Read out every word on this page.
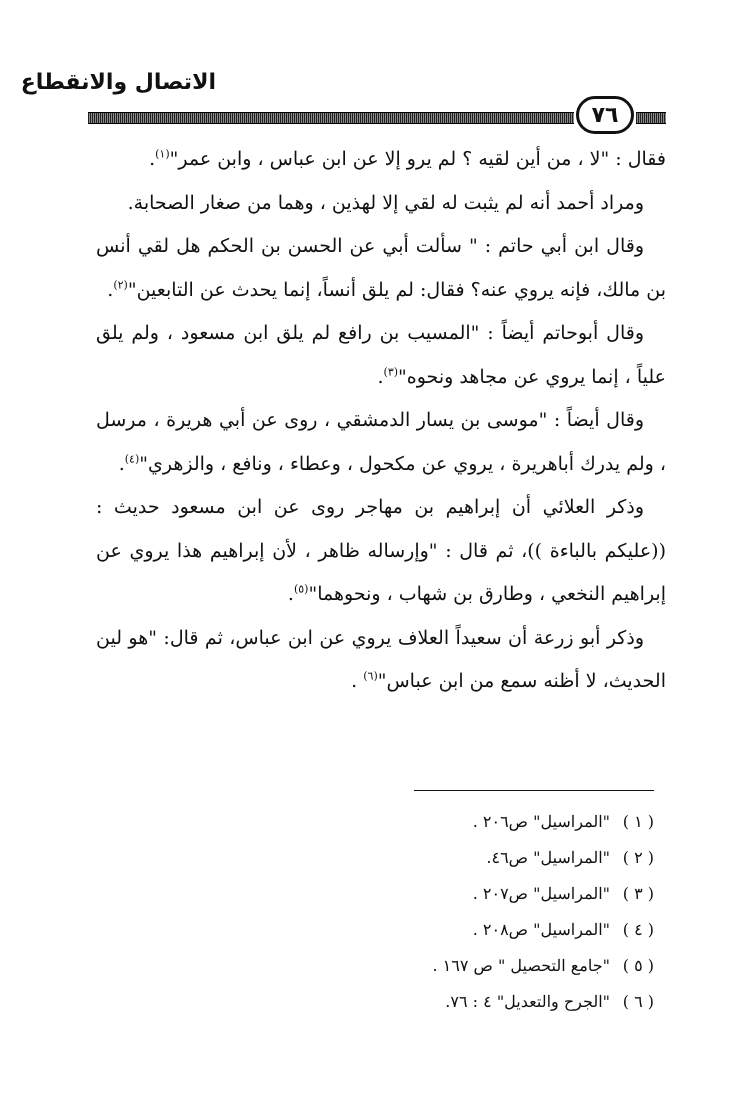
الاتصال والانقطاع
٧٦

فقال : "لا ، من أين لقيه ؟ لم يرو إلا عن ابن عباس ، وابن عمر"$^{(١)}$.

ومراد أحمد أنه لم يثبت له لقي إلا لهذين ، وهما من صغار الصحابة.

وقال ابن أبي حاتم : " سألت أبي عن الحسن بن الحكم هل لقي أنس بن مالك، فإنه يروي عنه؟ فقال: لم يلق أنساً، إنما يحدث عن التابعين"$^{(٢)}$.

وقال أبوحاتم أيضاً : "المسيب بن رافع لم يلق ابن مسعود ، ولم يلق علياً ، إنما يروي عن مجاهد ونحوه"$^{(٣)}$.

وقال أيضاً : "موسى بن يسار الدمشقي ، روى عن أبي هريرة ، مرسل ، ولم يدرك أباهريرة ، يروي عن مكحول ، وعطاء ، ونافع ، والزهري"$^{(٤)}$.

وذكر العلائي أن إبراهيم بن مهاجر روى عن ابن مسعود حديث : ((عليكم بالباءة ))، ثم قال : "وإرساله ظاهر ، لأن إبراهيم هذا يروي عن إبراهيم النخعي ، وطارق بن شهاب ، ونحوهما"$^{(٥)}$.

وذكر أبو زرعة أن سعيداً العلاف يروي عن ابن عباس، ثم قال: "هو لين الحديث، لا أظنه سمع من ابن عباس"$^{(٦)}$ .

( ١ )"المراسيل" ص٢٠٦ .
( ٢ )"المراسيل" ص٤٦.
( ٣ )"المراسيل" ص٢٠٧ .
( ٤ )"المراسيل" ص٢٠٨ .
( ٥ )"جامع التحصيل " ص ١٦٧ .
( ٦ )"الجرح والتعديل" ٤ : ٧٦.
